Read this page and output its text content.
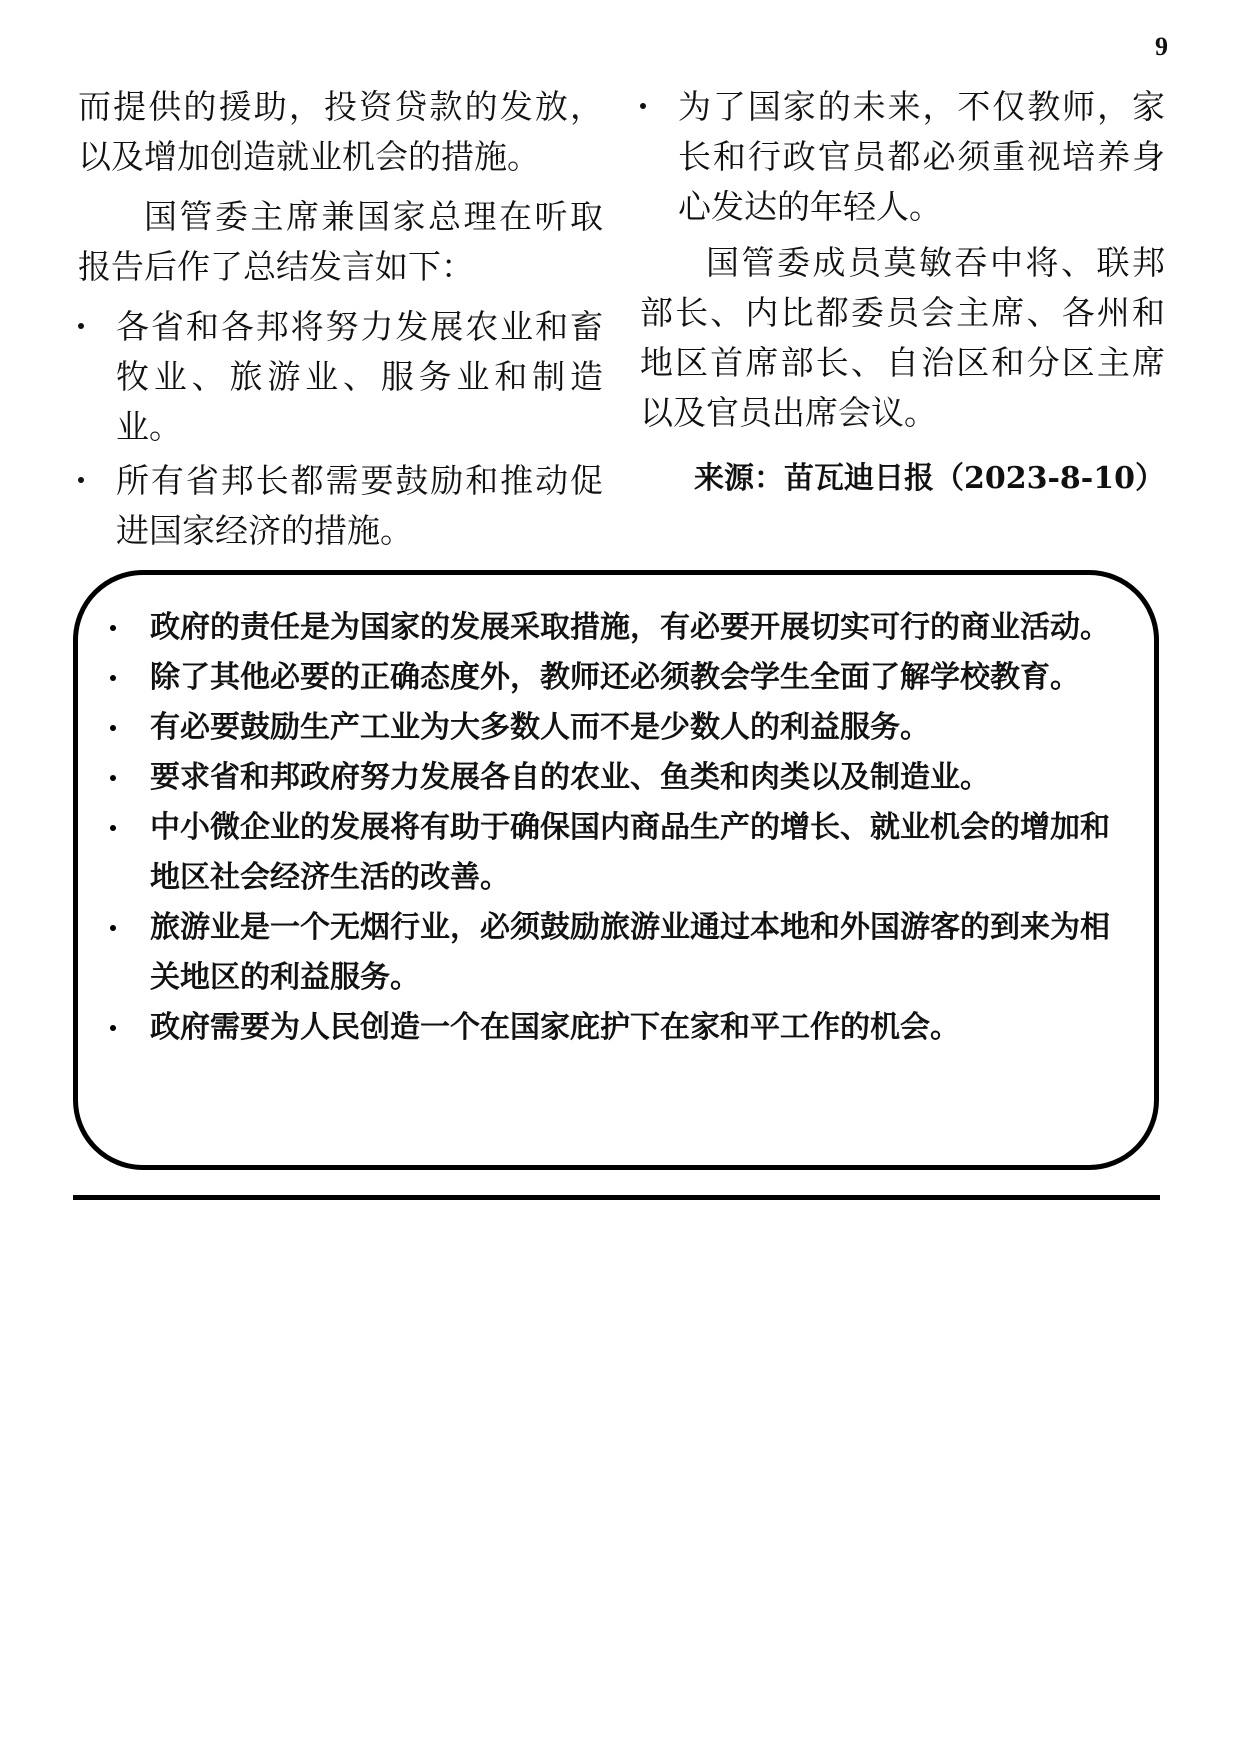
9

而提供的援助，投资贷款的发放，以及增加创造就业机会的措施。

国管委主席兼国家总理在听取报告后作了总结发言如下：

各省和各邦将努力发展农业和畜牧业、旅游业、服务业和制造业。
所有省邦长都需要鼓励和推动促进国家经济的措施。
为了国家的未来，不仅教师，家长和行政官员都必须重视培养身心发达的年轻人。

国管委成员莫敏吞中将、联邦部长、内比都委员会主席、各州和地区首席部长、自治区和分区主席以及官员出席会议。

来源：苗瓦迪日报（2023-8-10）

政府的责任是为国家的发展采取措施，有必要开展切实可行的商业活动。
除了其他必要的正确态度外，教师还必须教会学生全面了解学校教育。
有必要鼓励生产工业为大多数人而不是少数人的利益服务。
要求省和邦政府努力发展各自的农业、鱼类和肉类以及制造业。
中小微企业的发展将有助于确保国内商品生产的增长、就业机会的增加和地区社会经济生活的改善。
旅游业是一个无烟行业，必须鼓励旅游业通过本地和外国游客的到来为相关地区的利益服务。
政府需要为人民创造一个在国家庇护下在家和平工作的机会。
